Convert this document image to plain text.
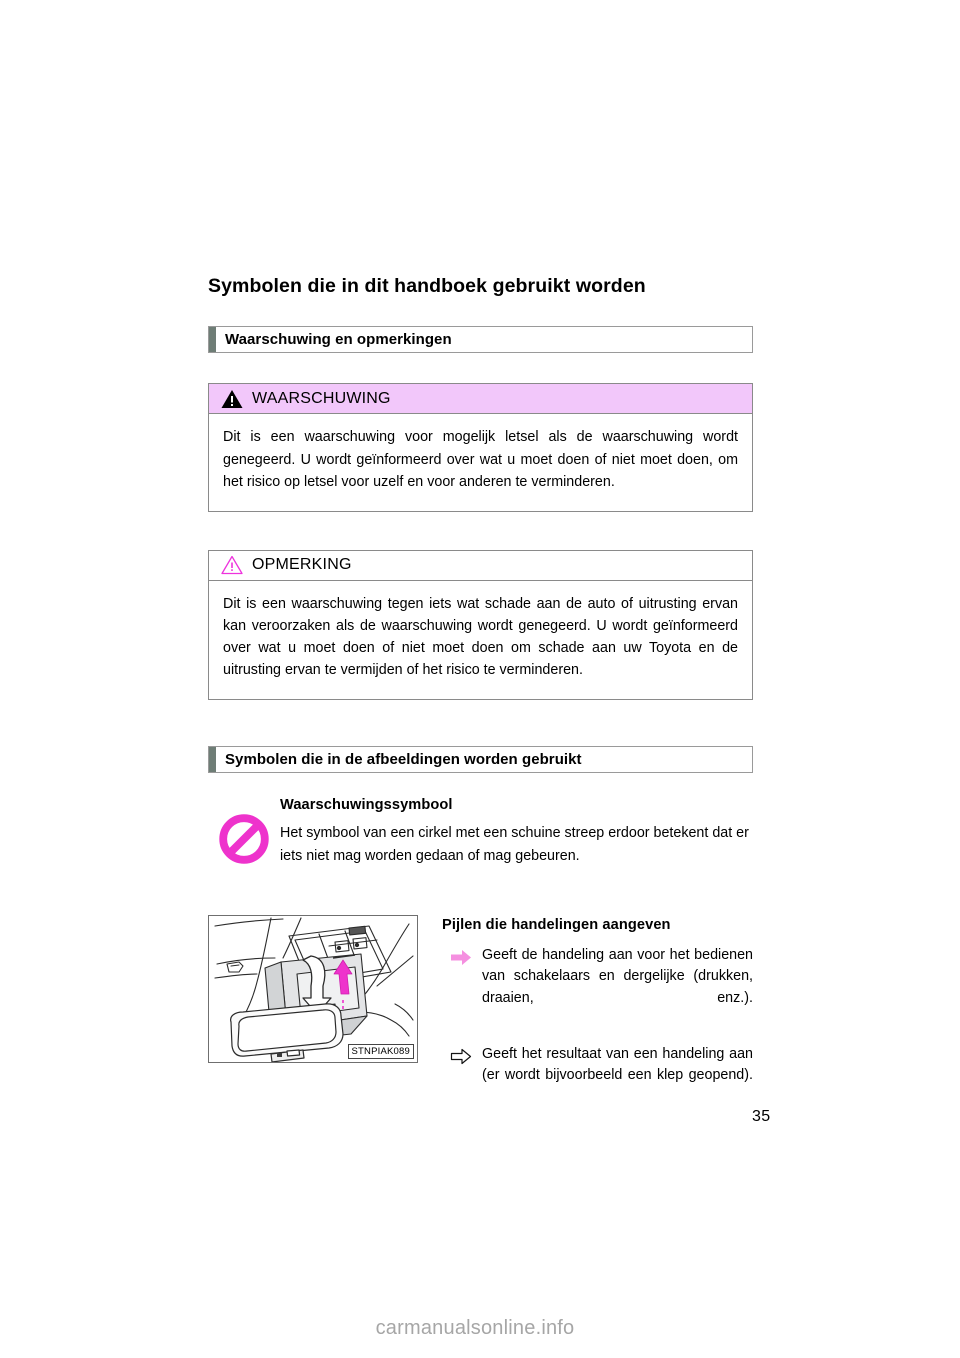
Symbolen die in dit handboek gebruikt worden
Waarschuwing en opmerkingen
WAARSCHUWING
Dit is een waarschuwing voor mogelijk letsel als de waarschuwing wordt genegeerd. U wordt geïnformeerd over wat u moet doen of niet moet doen, om het risico op letsel voor uzelf en voor anderen te verminderen.
OPMERKING
Dit is een waarschuwing tegen iets wat schade aan de auto of uitrusting ervan kan veroorzaken als de waarschuwing wordt genegeerd. U wordt geïnformeerd over wat u moet doen of niet moet doen om schade aan uw Toyota en de uitrusting ervan te vermijden of het risico te verminderen.
Symbolen die in de afbeeldingen worden gebruikt
Waarschuwingssymbool

Het symbool van een cirkel met een schuine streep erdoor betekent dat er iets niet mag worden gedaan of mag gebeuren.

STNPIAK089
Pijlen die handelingen aangeven
Geeft de handeling aan voor het bedienen van schakelaars en dergelijke (drukken, draaien, enz.).
Geeft het resultaat van een handeling aan (er wordt bijvoorbeeld een klep geopend).
35
carmanualsonline.info
